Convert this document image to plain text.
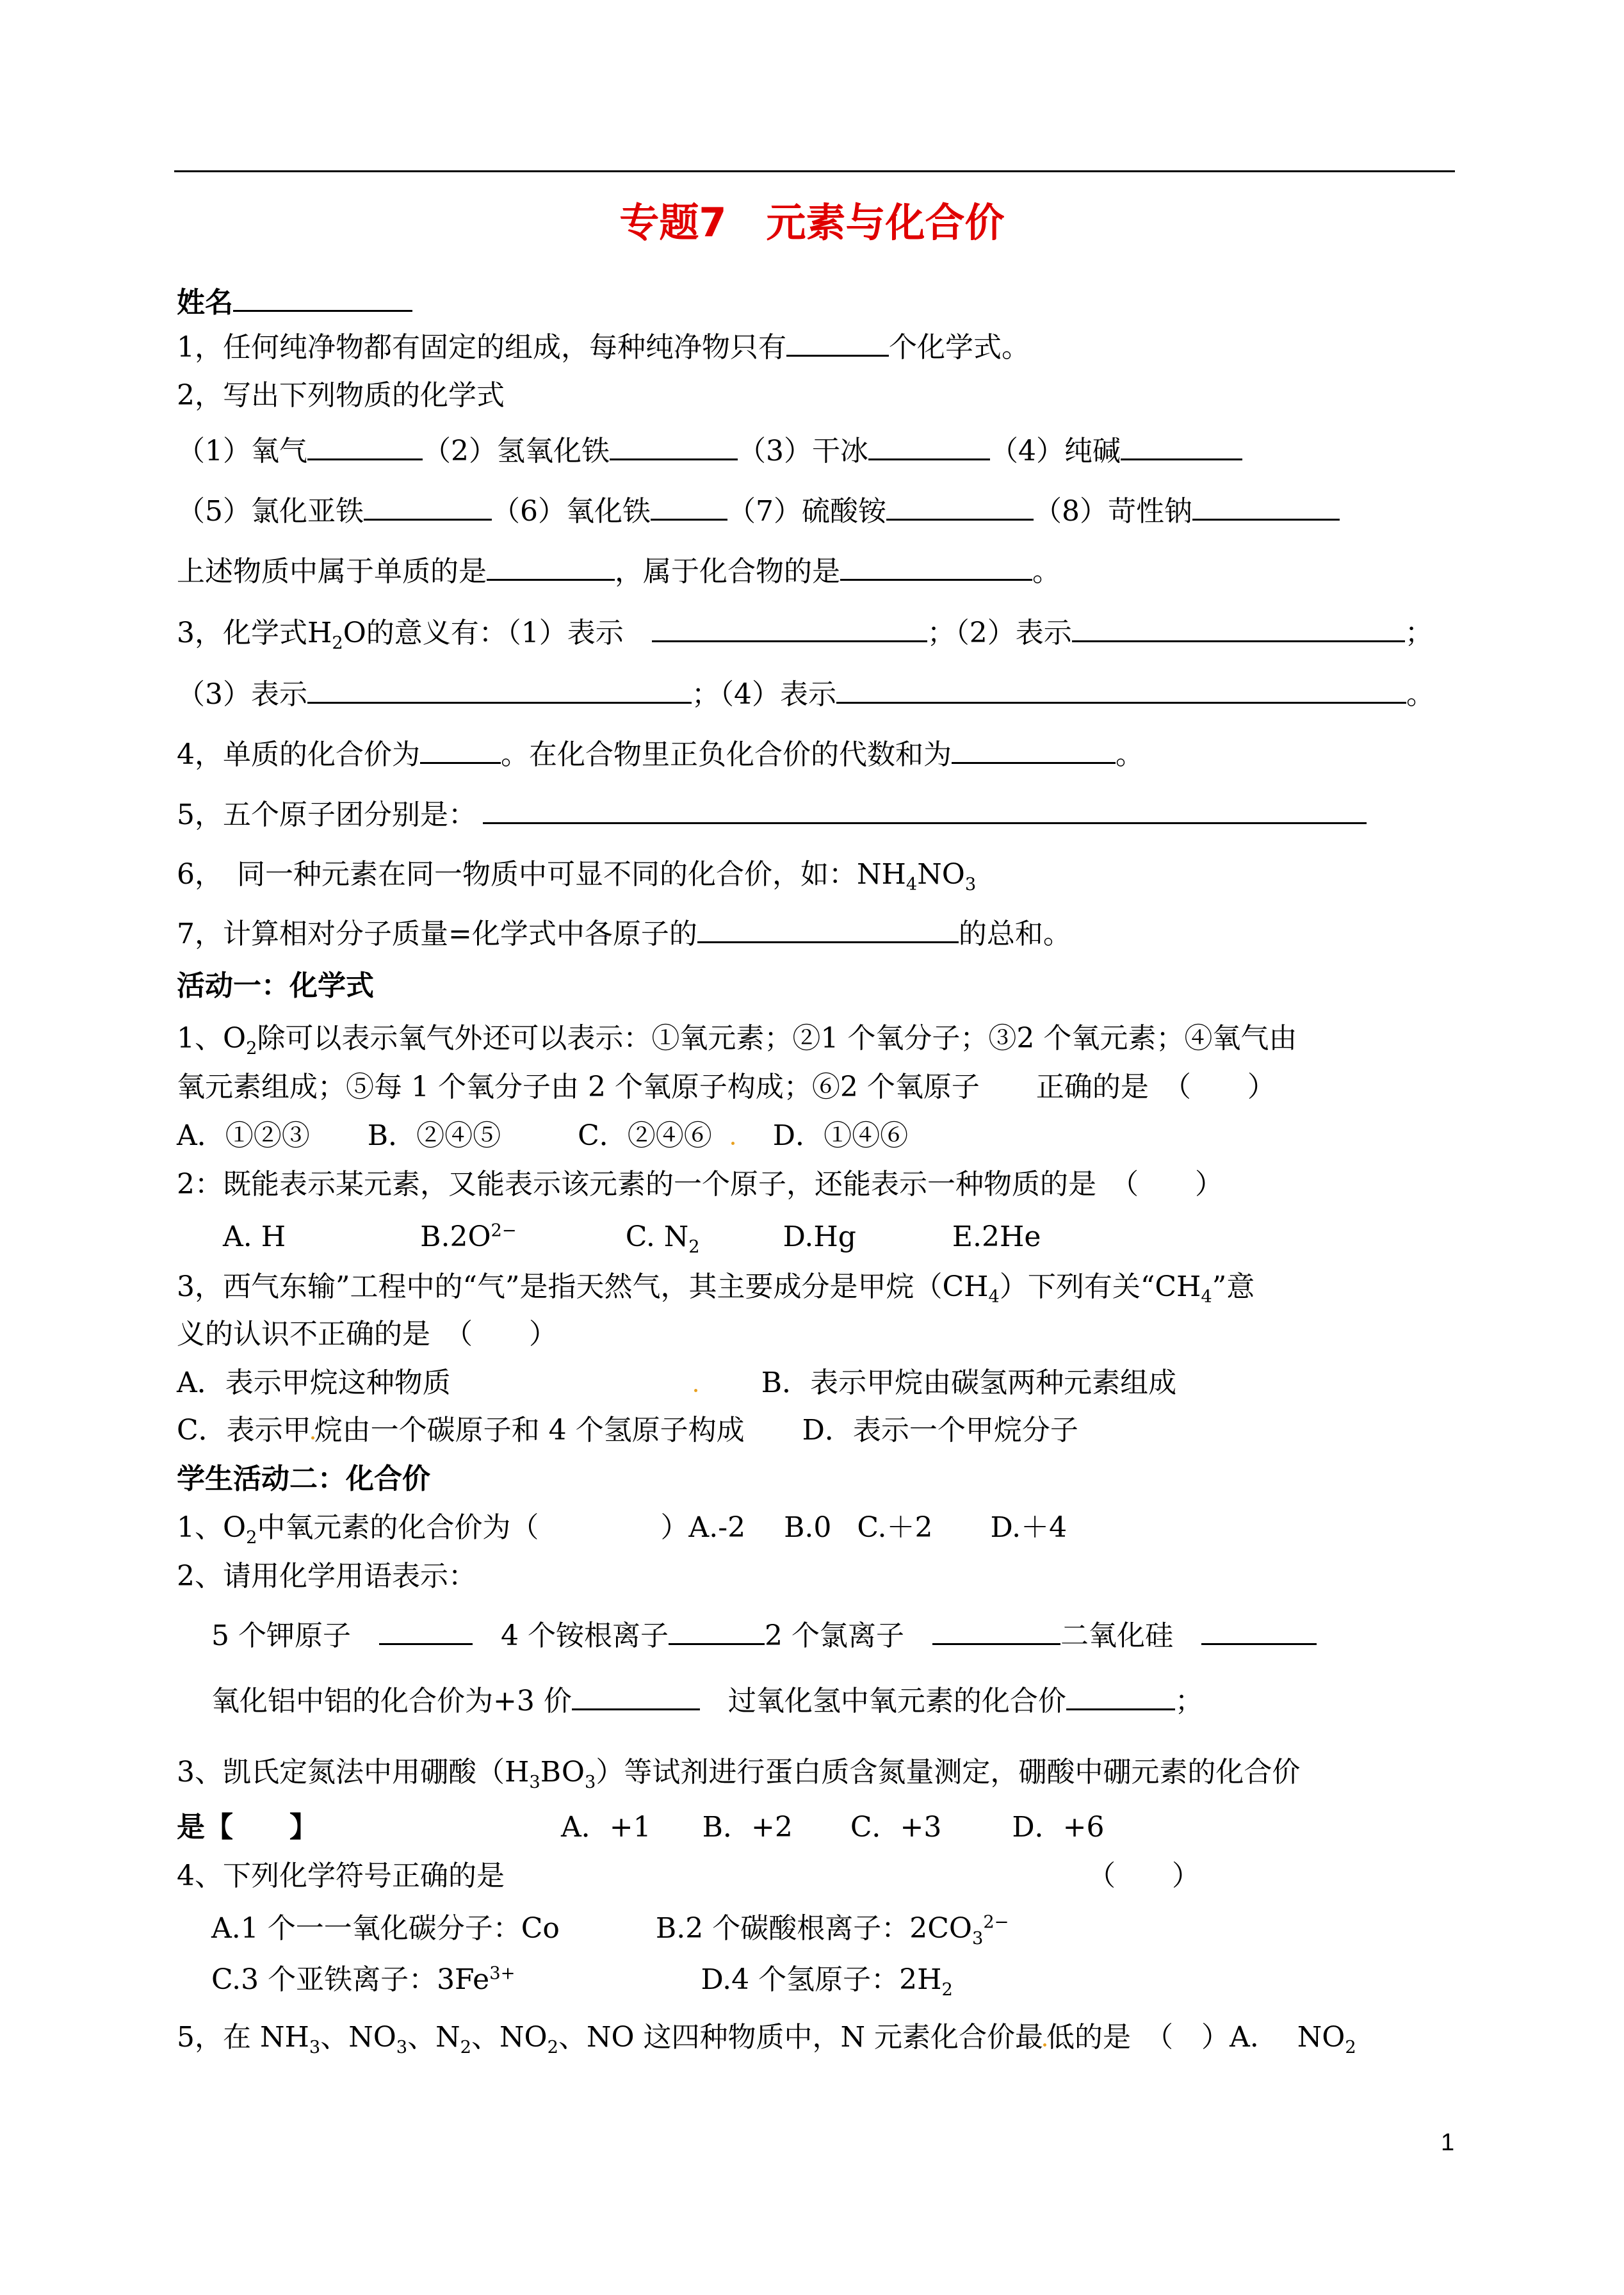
专题7　元素与化合价
姓名
1，任何纯净物都有固定的组成，每种纯净物只有	个化学式。
2，写出下列物质的化学式
（1）氧气	（2）氢氧化铁	（3）干冰	（4）纯碱
（5）氯化亚铁	（6）氧化铁	（7）硫酸铵	（8）苛性钠
上述物质中属于单质的是	，属于化合物的是	。
3，化学式$H_2O$的意义有：（1）表示　	；（2）表示	；
（3）表示	；（4）表示	。
4，单质的化合价为	。在化合物里正负化合价的代数和为	。
5，五个原子团分别是：
6，　同一种元素在同一物质中可显不同的化合价，如：$NH_4NO_3$
7，计算相对分子质量=化学式中各原子的	的总和。
活动一：化学式
1、$O_2$除可以表示氧气外还可以表示：①氧元素；②1 个氧分子；③2 个氧元素；④氧气由
氧元素组成；⑤每 1 个氧分子由 2 个氧原子构成；⑥2 个氧原子　　正确的是　（　　）
A．①②③ B．②④⑤	C．②④⑥ D．①④⑥
2：既能表示某元素，又能表示该元素的一个原子，还能表示一种物质的是　（　　）
A. H	$B.2O^{2-}$	C. $N_2$	D.Hg	E.2He
3，西气东输”工程中的“气”是指天然气，其主要成分是甲烷$(CH_4)$下列有关“$CH_4$”意
义的认识不正确的是　（　　）
A．表示甲烷这种物质	B．表示甲烷由碳氢两种元素组成
C．表示甲 烷由一个碳原子和 4 个氢原子构成 D．表示一个甲烷分子
学生活动二：化合价
1、$O_2$中氧元素的化合价为（	）A.-2 B.0 C.＋2 D.＋4
2、请用化学用语表示：
5 个钾原子　　	4 个铵根离子	2 个氯离子　	二氧化硅　
氧化铝中铝的化合价为+3 价　	过氧化氢中氧元素的化合价	；
3、凯氏定氮法中用硼酸$(H_3BO_3)$等试剂进行蛋白质含氮量测定，硼酸中硼元素的化合价
是【　　】	A．+1 B．+2 C．+3	D．+6
4、下列化学符号正确的是	（　　）
A.1 个一一氧化碳分子：Co	B.2 个碳酸根离子：$2CO_3^{2-}$
C.3 个亚铁离子：$3Fe^{3+}$	D.4 个氢原子：$2H_2$
5，在 $NH_3$、$NO_3$、$N_2$、$NO_2$、NO 这四种物质中，N 元素化合价最 低的是　（　）A. $NO_2$
1
